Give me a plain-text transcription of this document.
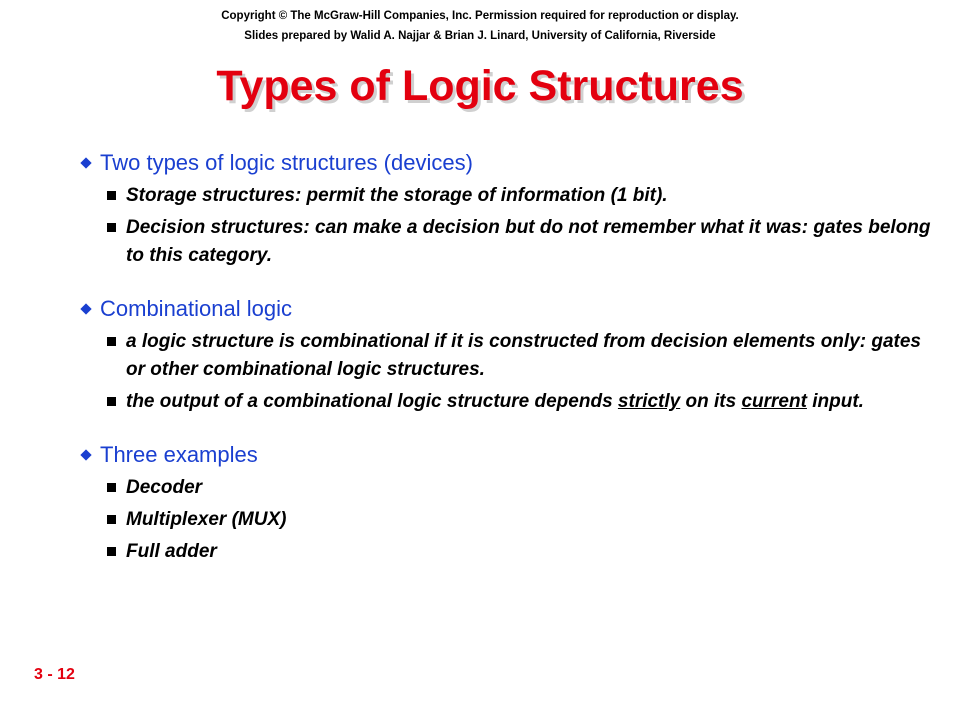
Copyright © The McGraw-Hill Companies, Inc. Permission required for reproduction or display.
Slides prepared by Walid A. Najjar & Brian J. Linard, University of California, Riverside
Types of Logic Structures
Two types of logic structures (devices)
Storage structures: permit the storage of information (1 bit).
Decision structures: can make a decision but do not remember what it was: gates belong to this category.
Combinational logic
a logic structure is combinational if it is constructed from decision elements only: gates or other combinational logic structures.
the output of a combinational logic structure depends strictly on its current input.
Three examples
Decoder
Multiplexer (MUX)
Full adder
3 - 12
